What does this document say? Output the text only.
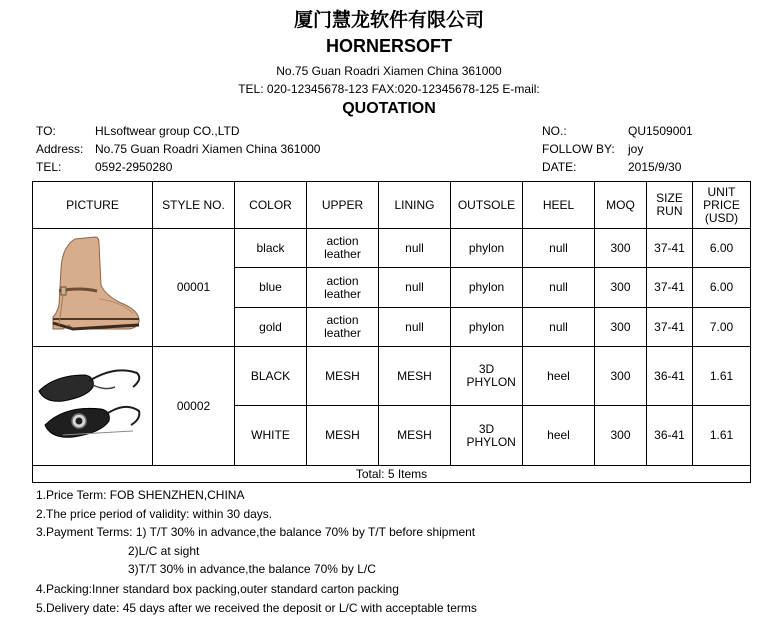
厦门慧龙软件有限公司
HORNERSOFT
No.75 Guan Roadri Xiamen China 361000
TEL: 020-12345678-123 FAX:020-12345678-125 E-mail:
QUOTATION
TO:	HLsoftwear group CO.,LTD
Address: No.75 Guan Roadri Xiamen China 361000
TEL:	0592-2950280
NO.:	QU1509001
FOLLOW BY: joy
DATE:	2015/9/30
PICTURE	STYLE NO.	COLOR	UPPER	LINING	OUTSOLE	HEEL	MOQ	SIZE RUN	UNIT PRICE (USD)

	00001	black	action leather	null	phylon	null	300	37-41	6.00
		blue	action leather	null	phylon	null	300	37-41	6.00
		gold	action leather	null	phylon	null	300	37-41	7.00

	00002	BLACK	MESH	MESH	3D PHYLON	heel	300	36-41	1.61
		WHITE	MESH	MESH	3D PHYLON	heel	300	36-41	1.61
Total: 5 Items									
1.Price Term: FOB SHENZHEN,CHINA
2.The price period of validity: within 30 days.
3.Payment Terms: 1) T/T 30% in advance,the balance 70% by T/T before shipment
2)L/C at sight
3)T/T 30% in advance,the balance 70% by L/C
4.Packing:Inner standard box packing,outer standard carton packing
5.Delivery date: 45 days after we received the deposit or L/C with acceptable terms
